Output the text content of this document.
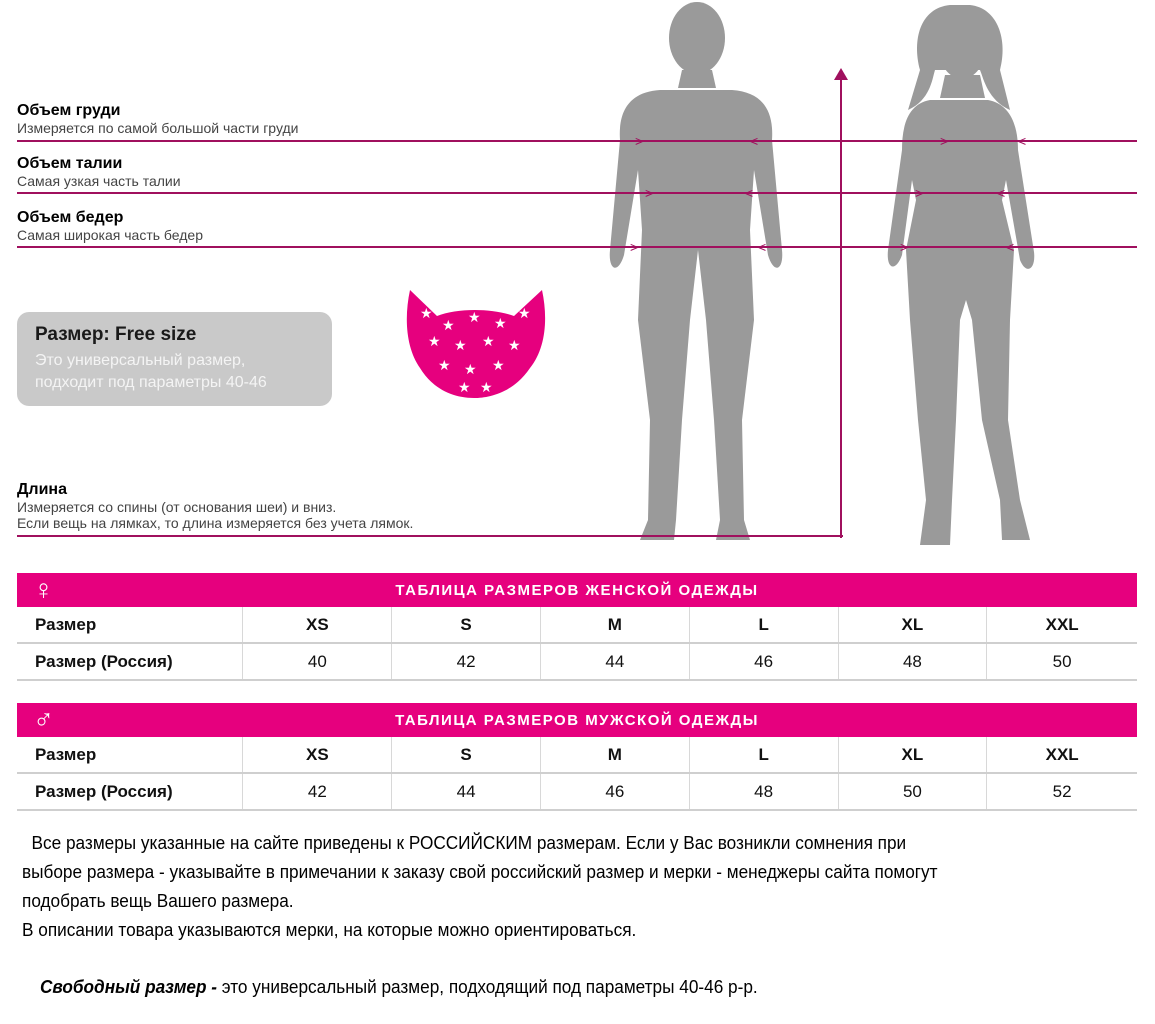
Объем груди
Измеряется по самой большой части груди
Объем талии
Самая узкая часть талии
Объем бедер
Самая широкая часть бедер
Длина
Измеряется со спины (от основания шеи) и вниз.
Если вещь на лямках, то длина измеряется без учета лямок.
>	<	>	<
>	<	>	<
>	<	>	<
Размер: Free size
Это универсальный размер,
подходит под параметры 40-46
★
★ ★ ★
★
★ ★ ★ ★
★ ★ ★
★ ★
♀	ТАБЛИЦА РАЗМЕРОВ ЖЕНСКОЙ ОДЕЖДЫ
Размер	XS	S	M	L	XL	XXL
Размер (Россия)	40	42	44	46	48	50
♂	ТАБЛИЦА РАЗМЕРОВ МУЖСКОЙ ОДЕЖДЫ
Размер	XS	S	M	L	XL	XXL
Размер (Россия)	42	44	46	48	50	52

Все размеры указанные на сайте приведены к РОССИЙСКИМ размерам. Если у Вас возникли сомнения при

выборе размера - указывайте в примечании к заказу свой российский размер и мерки - менеджеры сайта помогут

подобрать вещь Вашего размера.

В описании товара указываются мерки, на которые можно ориентироваться.

Свободный размер - это универсальный размер, подходящий под параметры 40-46 р-р.
